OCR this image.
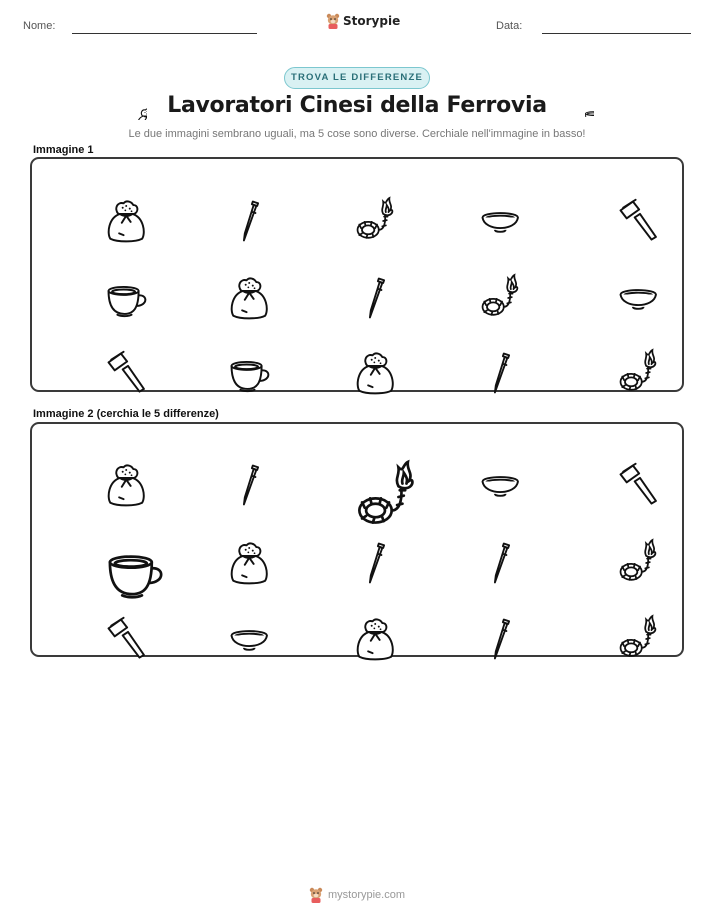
Nome:	Storypie	Data:
TROVA LE DIFFERENZE
Lavoratori Cinesi della Ferrovia
Le due immagini sembrano uguali, ma 5 cose sono diverse. Cerchiale nell'immagine in basso!
Immagine 1
Immagine 2 (cerchia le 5 differenze)
mystorypie.com
